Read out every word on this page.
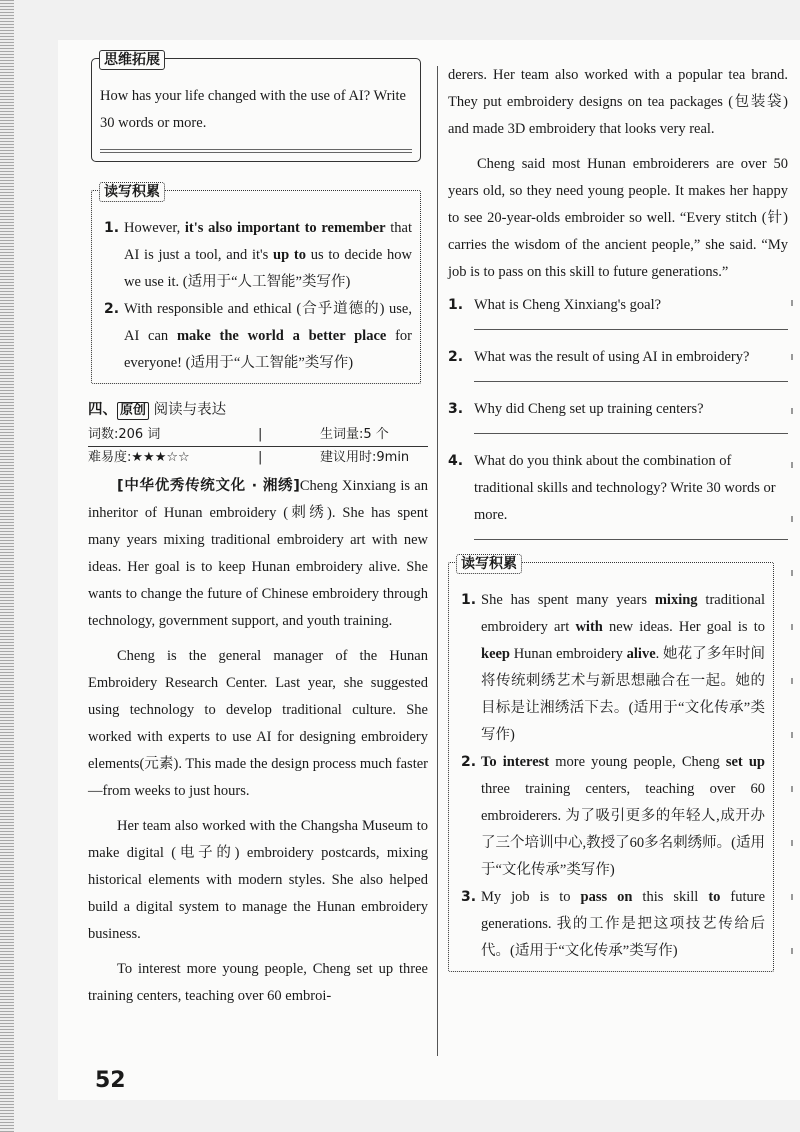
思维拓展

How has your life changed with the use of AI? Write 30 words or more.

读写积累
1. However, it's also important to remember that AI is just a tool, and it's up to us to decide how we use it. (适用于“人工智能”类写作)
2. With responsible and ethical (合乎道德的) use, AI can make the world a better place for everyone! (适用于“人工智能”类写作)
四、 原创 阅读与表达
词数:206 词	|	生词量:5 个
难易度:★★★☆☆	|	建议用时:9min

[中华优秀传统文化 · 湘绣]Cheng Xinxiang is an inheritor of Hunan embroidery (刺绣). She has spent many years mixing traditional embroidery art with new ideas. Her goal is to keep Hunan embroidery alive. She wants to change the future of Chinese embroidery through technology, government support, and youth training.

Cheng is the general manager of the Hunan Embroidery Research Center. Last year, she suggested using technology to develop traditional culture. She worked with experts to use AI for designing embroidery elements(元素). This made the design process much faster —from weeks to just hours.

Her team also worked with the Changsha Museum to make digital (电子的) embroidery postcards, mixing historical elements with modern styles. She also helped build a digital system to manage the Hunan embroidery business.

To interest more young people, Cheng set up three training centers, teaching over 60 embroi-

52

derers. Her team also worked with a popular tea brand. They put embroidery designs on tea packages (包装袋) and made 3D embroidery that looks very real.

Cheng said most Hunan embroiderers are over 50 years old, so they need young people. It makes her happy to see 20-year-olds embroider so well. “Every stitch (针) carries the wisdom of the ancient people,” she said. “My job is to pass on this skill to future generations.”

1. What is Cheng Xinxiang's goal?
2. What was the result of using AI in embroidery?
3. Why did Cheng set up training centers?
4. What do you think about the combination of traditional skills and technology? Write 30 words or more.
读写积累
1. She has spent many years mixing traditional embroidery art with new ideas. Her goal is to keep Hunan embroidery alive. 她花了多年时间将传统刺绣艺术与新思想融合在一起。她的目标是让湘绣活下去。(适用于“文化传承”类写作)
2. To interest more young people, Cheng set up three training centers, teaching over 60 embroiderers. 为了吸引更多的年轻人,成开办了三个培训中心,教授了60多名刺绣师。(适用于“文化传承”类写作)
3. My job is to pass on this skill to future generations. 我的工作是把这项技艺传给后代。(适用于“文化传承”类写作)
